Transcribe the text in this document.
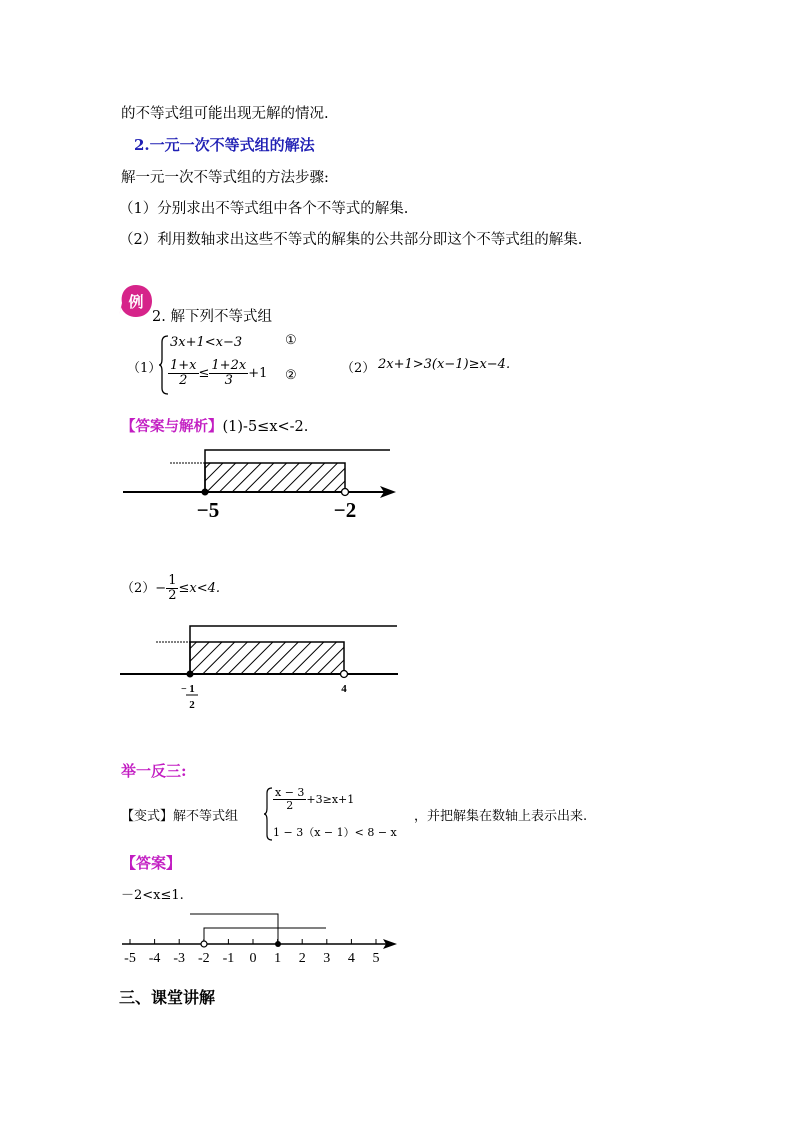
的不等式组可能出现无解的情况.
2.一元一次不等式组的解法
解一元一次不等式组的方法步骤:
（1）分别求出不等式组中各个不等式的解集.
（2）利用数轴求出这些不等式的解集的公共部分即这个不等式组的解集.
例
2. 解下列不等式组
（1）
3x+1<x−3	①
$\frac{1+x}{2} \le \frac{1+2x}{3} +1$ ②	（2） 2x+1>3(x−1)≥x−4.
【答案与解析】(1)-5≤x<-2.
−5	−2
$(2)- \frac{1}{2} \le x<4$.
− 1
2
4
举一反三:
【变式】解不等式组
$\frac{x - 3}{2} +3\ge x+1$
1 − 3（x − 1）< 8 − x
，并把解集在数轴上表示出来.
【答案】
－2<x≤1.
-5 -4 -3 -2 -1 0 1 2 3 4 5
三、课堂讲解
